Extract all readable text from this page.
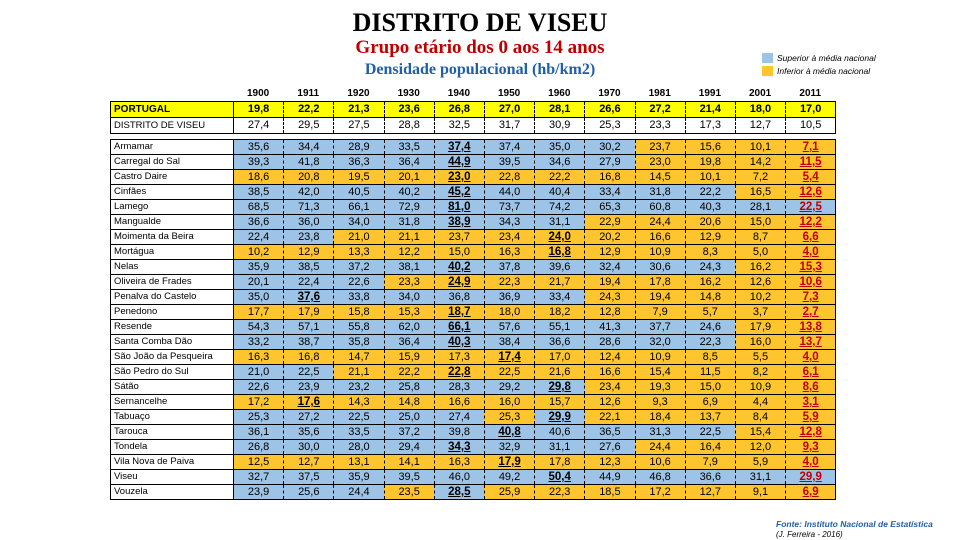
DISTRITO DE VISEU
Grupo etário dos 0 aos 14 anos
Densidade populacional (hb/km2)
Superior à média nacional
Inferior à média nacional
1900	1911	1920	1930	1940	1950	1960	1970	1981	1991	2001	2011
PORTUGAL	19,8	22,2	21,3	23,6	26,8	27,0	28,1	26,6	27,2	21,4	18,0	17,0
DISTRITO DE VISEU	27,4	29,5	27,5	28,8	32,5	31,7	30,9	25,3	23,3	17,3	12,7	10,5
Armamar	35,6	34,4	28,9	33,5	37,4	37,4	35,0	30,2	23,7	15,6	10,1	7,1
Carregal do Sal	39,3	41,8	36,3	36,4	44,9	39,5	34,6	27,9	23,0	19,8	14,2	11,5
Castro Daire	18,6	20,8	19,5	20,1	23,0	22,8	22,2	16,8	14,5	10,1	7,2	5,4
Cinfães	38,5	42,0	40,5	40,2	45,2	44,0	40,4	33,4	31,8	22,2	16,5	12,6
Lamego	68,5	71,3	66,1	72,9	81,0	73,7	74,2	65,3	60,8	40,3	28,1	22,5
Mangualde	36,6	36,0	34,0	31,8	38,9	34,3	31,1	22,9	24,4	20,6	15,0	12,2
Moimenta da Beira	22,4	23,8	21,0	21,1	23,7	23,4	24,0	20,2	16,6	12,9	8,7	6,6
Mortágua	10,2	12,9	13,3	12,2	15,0	16,3	16,8	12,9	10,9	8,3	5,0	4,0
Nelas	35,9	38,5	37,2	38,1	40,2	37,8	39,6	32,4	30,6	24,3	16,2	15,3
Oliveira de Frades	20,1	22,4	22,6	23,3	24,9	22,3	21,7	19,4	17,8	16,2	12,6	10,6
Penalva do Castelo	35,0	37,6	33,8	34,0	36,8	36,9	33,4	24,3	19,4	14,8	10,2	7,3
Penedono	17,7	17,9	15,8	15,3	18,7	18,0	18,2	12,8	7,9	5,7	3,7	2,7
Resende	54,3	57,1	55,8	62,0	66,1	57,6	55,1	41,3	37,7	24,6	17,9	13,8
Santa Comba Dão	33,2	38,7	35,8	36,4	40,3	38,4	36,6	28,6	32,0	22,3	16,0	13,7
São João da Pesqueira	16,3	16,8	14,7	15,9	17,3	17,4	17,0	12,4	10,9	8,5	5,5	4,0
São Pedro do Sul	21,0	22,5	21,1	22,2	22,8	22,5	21,6	16,6	15,4	11,5	8,2	6,1
Sátão	22,6	23,9	23,2	25,8	28,3	29,2	29,8	23,4	19,3	15,0	10,9	8,6
Sernancelhe	17,2	17,6	14,3	14,8	16,6	16,0	15,7	12,6	9,3	6,9	4,4	3,1
Tabuaço	25,3	27,2	22,5	25,0	27,4	25,3	29,9	22,1	18,4	13,7	8,4	5,9
Tarouca	36,1	35,6	33,5	37,2	39,8	40,8	40,6	36,5	31,3	22,5	15,4	12,8
Tondela	26,8	30,0	28,0	29,4	34,3	32,9	31,1	27,6	24,4	16,4	12,0	9,3
Vila Nova de Paiva	12,5	12,7	13,1	14,1	16,3	17,9	17,8	12,3	10,6	7,9	5,9	4,0
Viseu	32,7	37,5	35,9	39,5	46,0	49,2	50,4	44,9	46,8	36,6	31,1	29,9
Vouzela	23,9	25,6	24,4	23,5	28,5	25,9	22,3	18,5	17,2	12,7	9,1	6,9
Fonte: Instituto Nacional de Estatística
(J. Ferreira - 2016)
